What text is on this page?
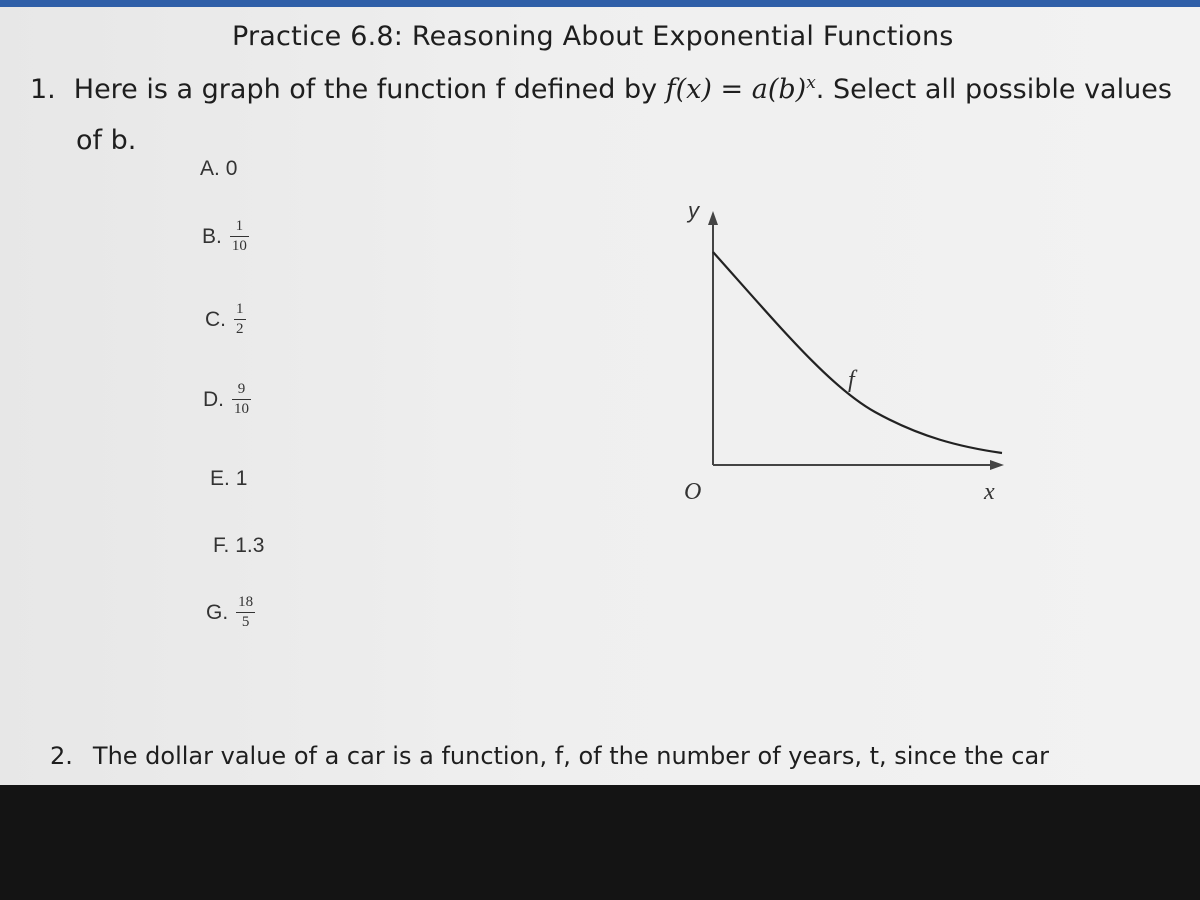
Practice 6.8: Reasoning About Exponential Functions
1. Here is a graph of the function f defined by $f(x) = a(b)^x$. Select all possible values
of b.
A.
0
B. $\frac{1}{10}$
C. $\frac{1}{2}$
D. $\frac{9}{10}$
E.
1
F.
1.3
G. $\frac{18}{5}$
y
x
O
f
2. The dollar value of a car is a function, f, of the number of years, t, since the car
